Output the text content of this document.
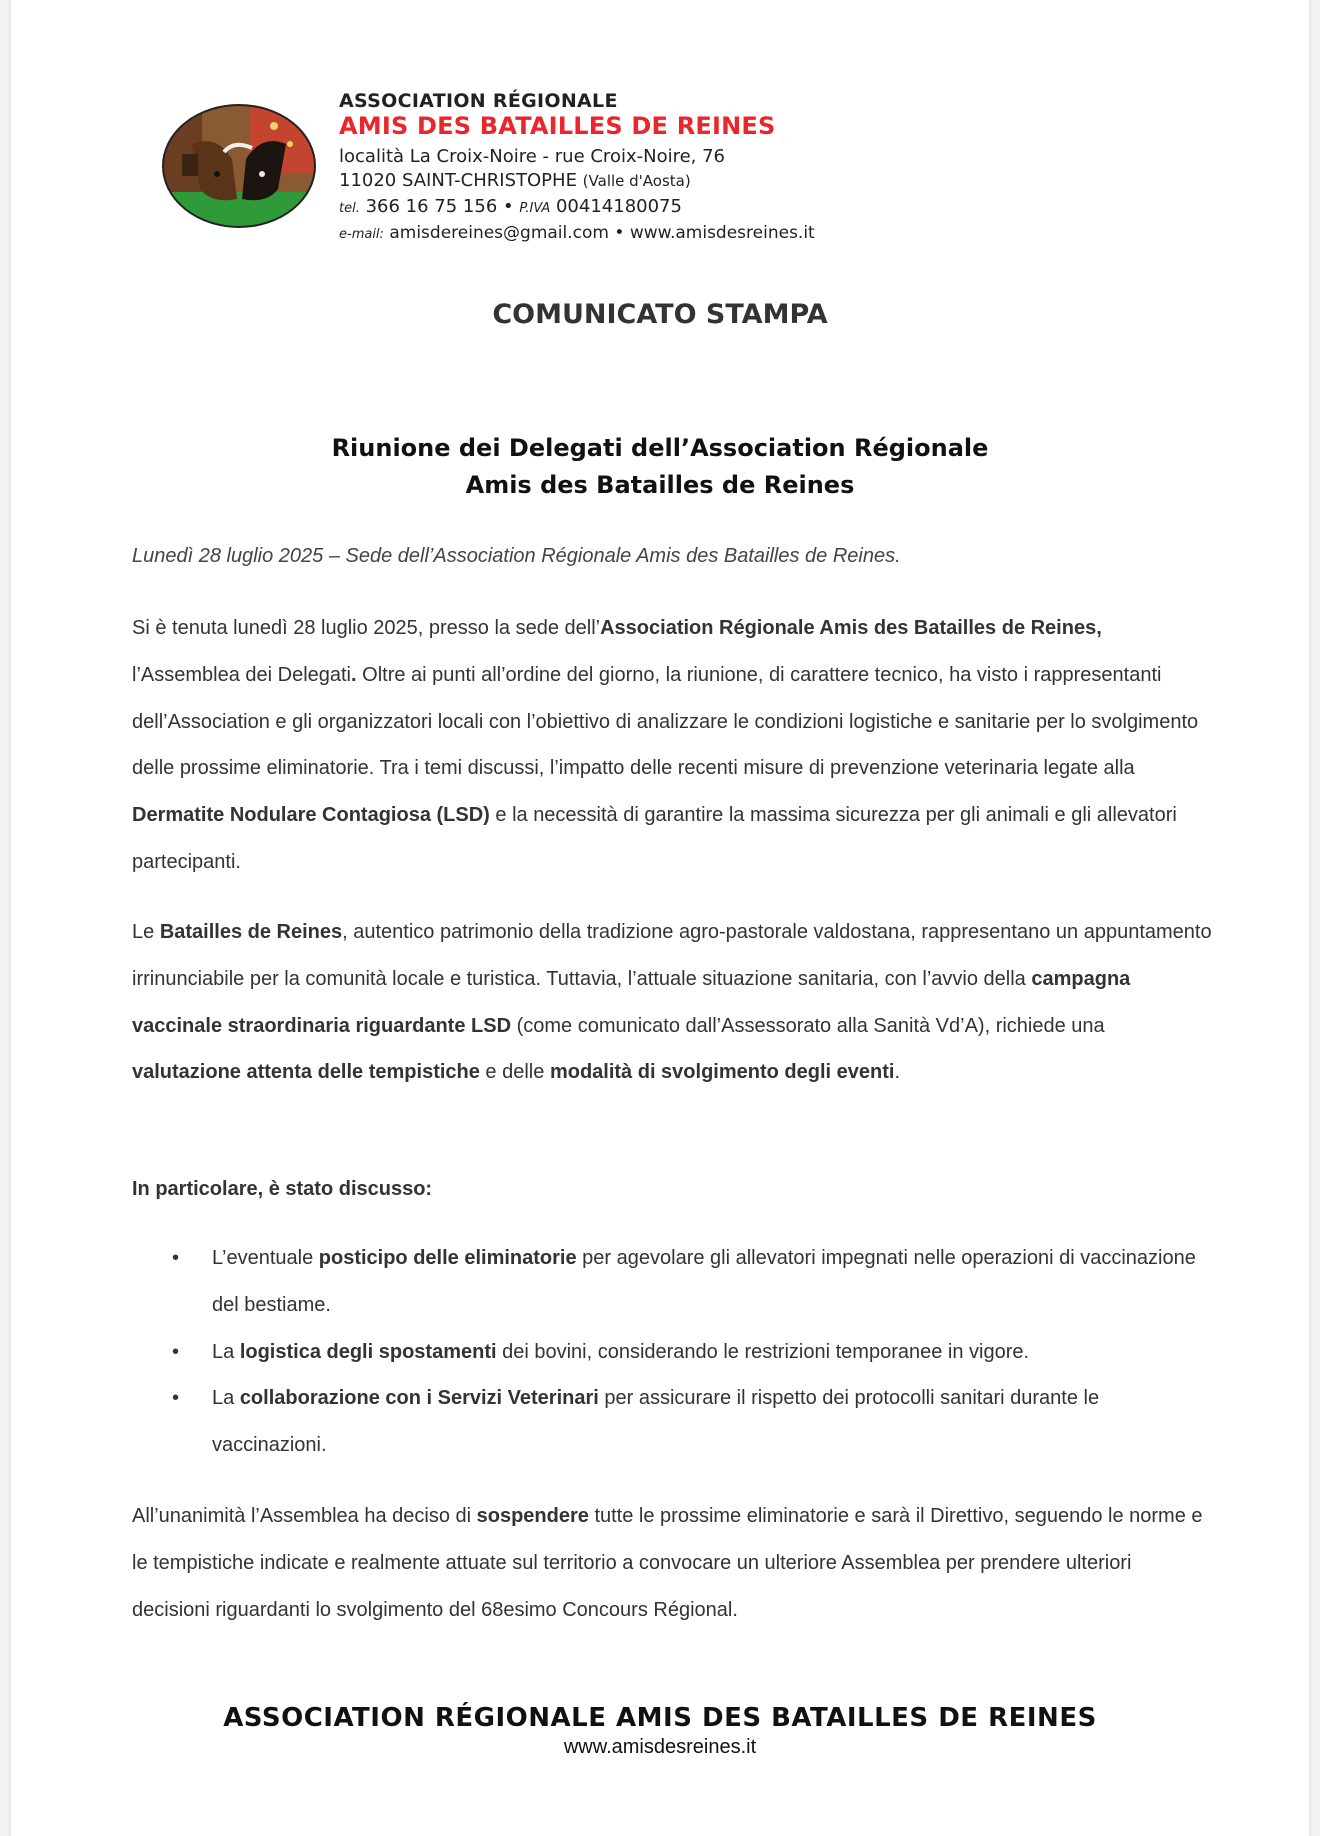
ASSOCIATION RÉGIONALE
AMIS DES BATAILLES DE REINES
località La Croix-Noire - rue Croix-Noire, 76
11020 SAINT-CHRISTOPHE (Valle d'Aosta)
tel. 366 16 75 156 • P.IVA 00414180075
e-mail: amisdereines@gmail.com • www.amisdesreines.it
COMUNICATO STAMPA
Riunione dei Delegati dell’Association Régionale
Amis des Batailles de Reines
Lunedì 28 luglio 2025 – Sede dell’Association Régionale Amis des Batailles de Reines.
Si è tenuta lunedì 28 luglio 2025, presso la sede dell’Association Régionale Amis des Batailles de Reines, l’Assemblea dei Delegati. Oltre ai punti all’ordine del giorno, la riunione, di carattere tecnico, ha visto i rappresentanti dell’Association e gli organizzatori locali con l’obiettivo di analizzare le condizioni logistiche e sanitarie per lo svolgimento delle prossime eliminatorie. Tra i temi discussi, l’impatto delle recenti misure di prevenzione veterinaria legate alla Dermatite Nodulare Contagiosa (LSD) e la necessità di garantire la massima sicurezza per gli animali e gli allevatori partecipanti.
Le Batailles de Reines, autentico patrimonio della tradizione agro-pastorale valdostana, rappresentano un appuntamento irrinunciabile per la comunità locale e turistica. Tuttavia, l’attuale situazione sanitaria, con l’avvio della campagna vaccinale straordinaria riguardante LSD (come comunicato dall’Assessorato alla Sanità Vd’A), richiede una valutazione attenta delle tempistiche e delle modalità di svolgimento degli eventi.
In particolare, è stato discusso:
• L’eventuale posticipo delle eliminatorie per agevolare gli allevatori impegnati nelle operazioni di vaccinazione del bestiame.
• La logistica degli spostamenti dei bovini, considerando le restrizioni temporanee in vigore.
• La collaborazione con i Servizi Veterinari per assicurare il rispetto dei protocolli sanitari durante le vaccinazioni.
All’unanimità l’Assemblea ha deciso di sospendere tutte le prossime eliminatorie e sarà il Direttivo, seguendo le norme e le tempistiche indicate e realmente attuate sul territorio a convocare un ulteriore Assemblea per prendere ulteriori decisioni riguardanti lo svolgimento del 68esimo Concours Régional.
ASSOCIATION RÉGIONALE AMIS DES BATAILLES DE REINES
www.amisdesreines.it
